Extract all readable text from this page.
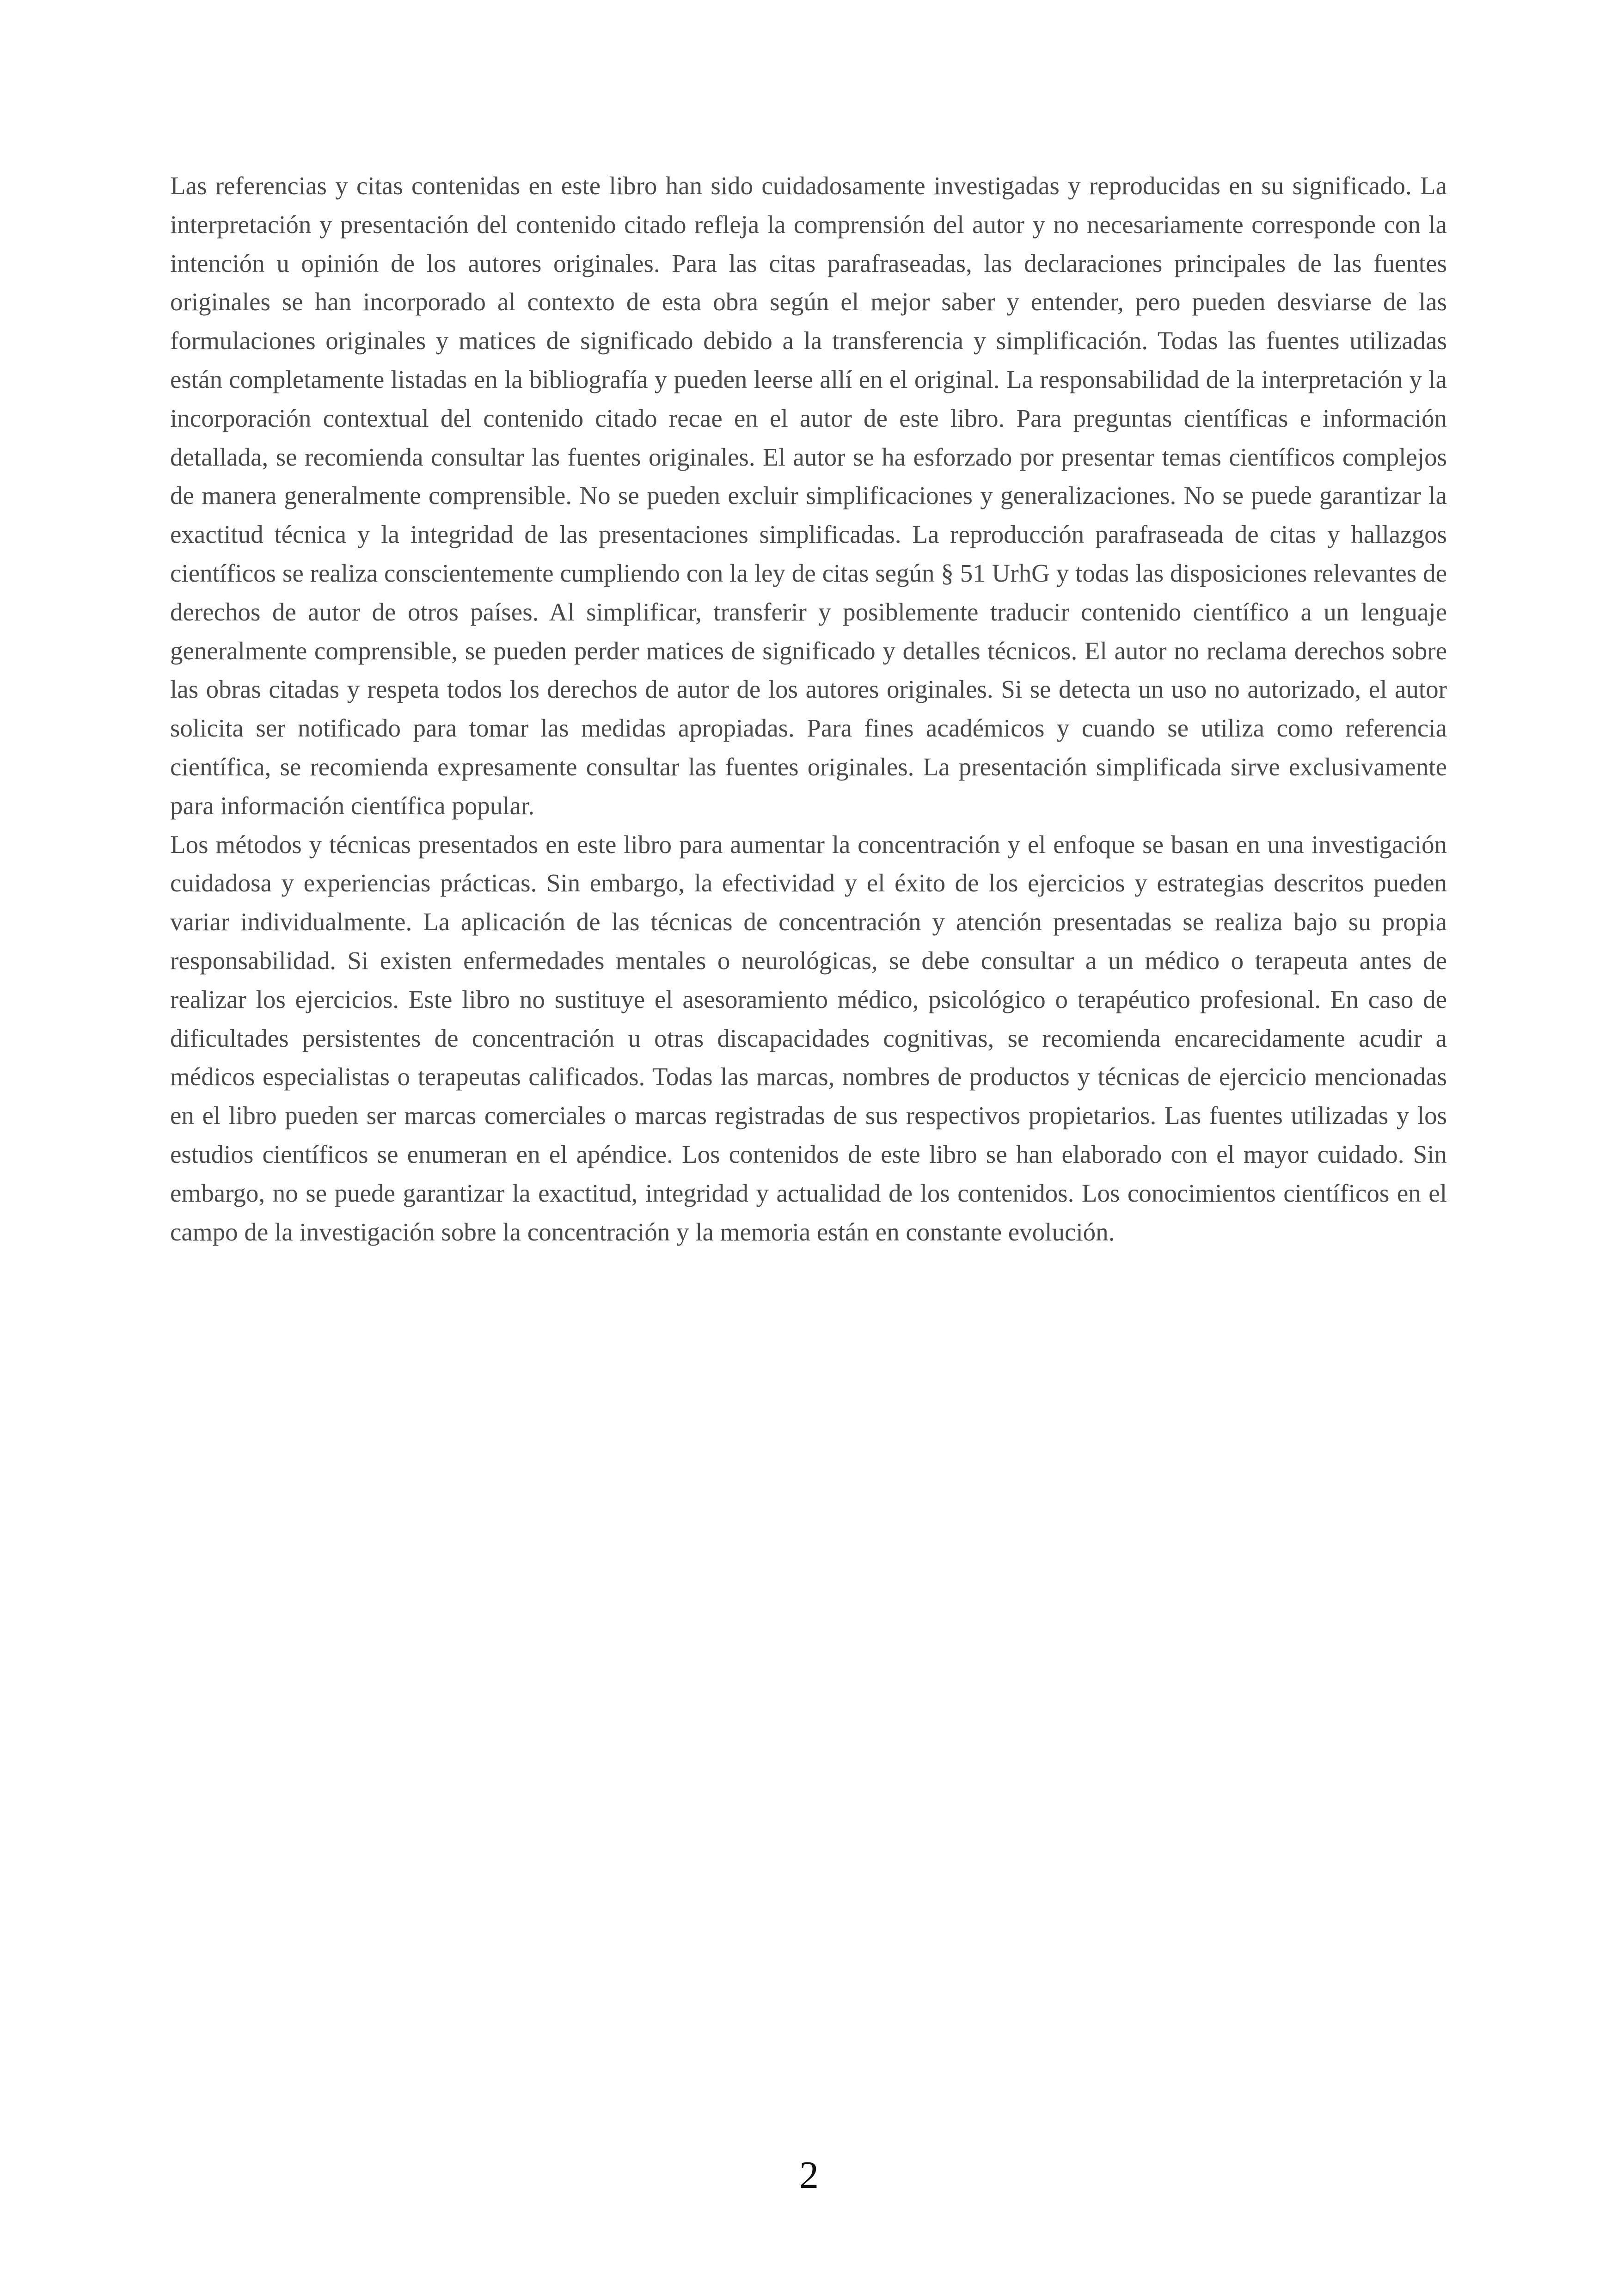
Las referencias y citas contenidas en este libro han sido cuidadosamente investigadas y reproducidas en su significado. La interpretación y presentación del contenido citado refleja la comprensión del autor y no necesariamente corresponde con la intención u opinión de los autores originales. Para las citas parafraseadas, las declaraciones principales de las fuentes originales se han incorporado al contexto de esta obra según el mejor saber y entender, pero pueden desviarse de las formulaciones originales y matices de significado debido a la transferencia y simplificación. Todas las fuentes utilizadas están completamente listadas en la bibliografía y pueden leerse allí en el original. La responsabilidad de la interpretación y la incorporación contextual del contenido citado recae en el autor de este libro. Para preguntas científicas e información detallada, se recomienda consultar las fuentes originales. El autor se ha esforzado por presentar temas científicos complejos de manera generalmente comprensible. No se pueden excluir simplificaciones y generalizaciones. No se puede garantizar la exactitud técnica y la integridad de las presentaciones simplificadas. La reproducción parafraseada de citas y hallazgos científicos se realiza conscientemente cumpliendo con la ley de citas según § 51 UrhG y todas las disposiciones relevantes de derechos de autor de otros países. Al simplificar, transferir y posiblemente traducir contenido científico a un lenguaje generalmente comprensible, se pueden perder matices de significado y detalles técnicos. El autor no reclama derechos sobre las obras citadas y respeta todos los derechos de autor de los autores originales. Si se detecta un uso no autorizado, el autor solicita ser notificado para tomar las medidas apropiadas. Para fines académicos y cuando se utiliza como referencia científica, se recomienda expresamente consultar las fuentes originales. La presentación simplificada sirve exclusivamente para información científica popular.

Los métodos y técnicas presentados en este libro para aumentar la concentración y el enfoque se basan en una investigación cuidadosa y experiencias prácticas. Sin embargo, la efectividad y el éxito de los ejercicios y estrategias descritos pueden variar individualmente. La aplicación de las técnicas de concentración y atención presentadas se realiza bajo su propia responsabilidad. Si existen enfermedades mentales o neurológicas, se debe consultar a un médico o terapeuta antes de realizar los ejercicios. Este libro no sustituye el asesoramiento médico, psicológico o terapéutico profesional. En caso de dificultades persistentes de concentración u otras discapacidades cognitivas, se recomienda encarecidamente acudir a médicos especialistas o terapeutas calificados. Todas las marcas, nombres de productos y técnicas de ejercicio mencionadas en el libro pueden ser marcas comerciales o marcas registradas de sus respectivos propietarios. Las fuentes utilizadas y los estudios científicos se enumeran en el apéndice. Los contenidos de este libro se han elaborado con el mayor cuidado. Sin embargo, no se puede garantizar la exactitud, integridad y actualidad de los contenidos. Los conocimientos científicos en el campo de la investigación sobre la concentración y la memoria están en constante evolución.

2
